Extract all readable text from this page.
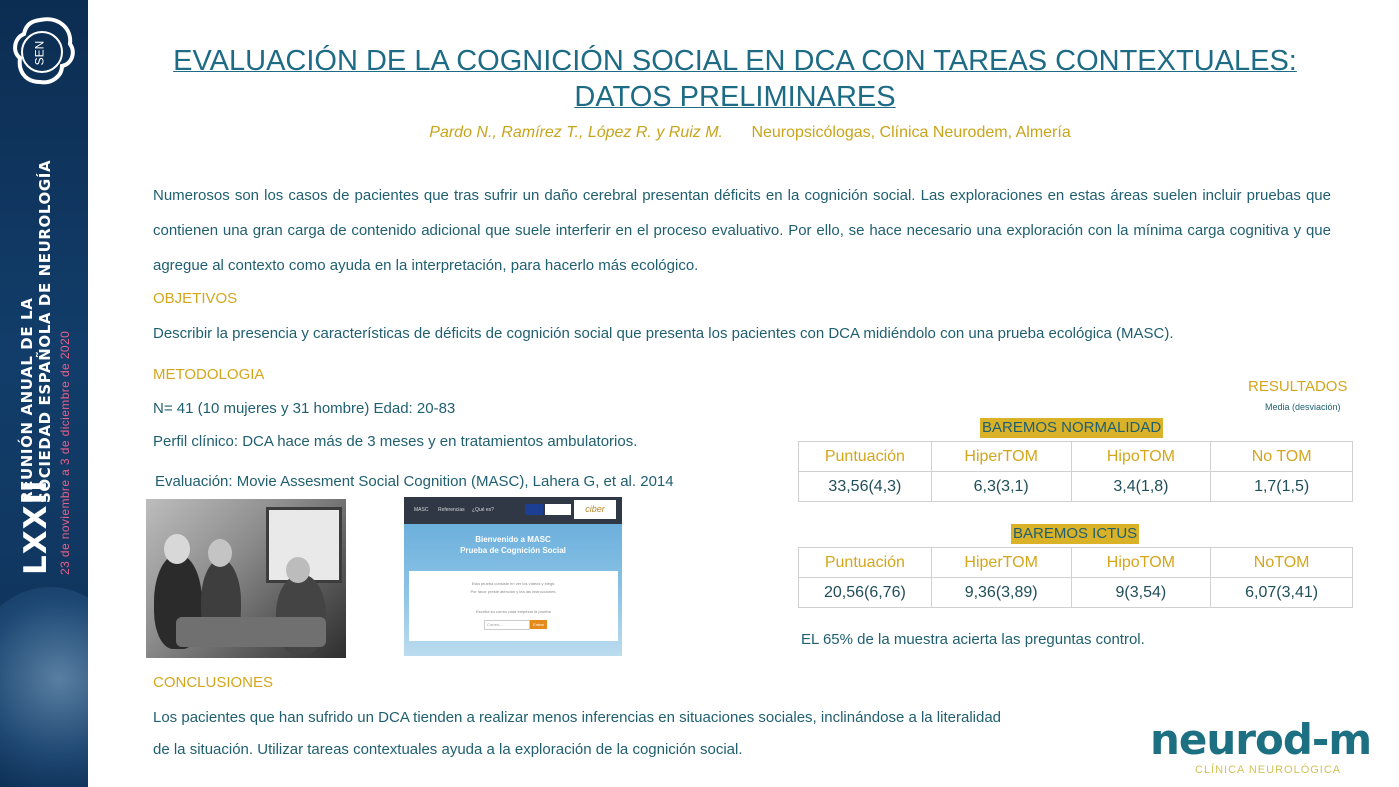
SEN
LXXII
REUNIÓN ANUAL DE LA SOCIEDAD ESPAÑOLA DE NEUROLOGÍA 23 de noviembre a 3 de diciembre de 2020
EVALUACIÓN DE LA COGNICIÓN SOCIAL EN DCA CON TAREAS CONTEXTUALES:
DATOS PRELIMINARES
Pardo N., Ramírez T., López R. y Ruiz M. Neuropsicólogas, Clínica Neurodem, Almería
Numerosos son los casos de pacientes que tras sufrir un daño cerebral presentan déficits en la cognición social. Las exploraciones en estas áreas suelen incluir pruebas que contienen una gran carga de contenido adicional que suele interferir en el proceso evaluativo. Por ello, se hace necesario una exploración con la mínima carga cognitiva y que agregue al contexto como ayuda en la interpretación, para hacerlo más ecológico.
OBJETIVOS
Describir la presencia y características de déficits de cognición social que presenta los pacientes con DCA midiéndolo con una prueba ecológica (MASC).
METODOLOGIA
N= 41 (10 mujeres y 31 hombre) Edad: 20-83
Perfil clínico: DCA hace más de 3 meses y en tratamientos ambulatorios.
Evaluación: Movie Assesment Social Cognition (MASC), Lahera G, et al. 2014
MASC Referencias ¿Qué es?	ciber
Bienvenido a MASC
Prueba de Cognición Social
Esta prueba consiste en ver los vídeos y elegir.
Por favor preste atención y lea las instrucciones.
Escriba su correo para empezar la prueba
Correo...	Entrar
RESULTADOS
Media (desviación)
BAREMOS NORMALIDAD
Puntuación	HiperTOM	HipoTOM	No TOM
33,56(4,3)	6,3(3,1)	3,4(1,8)	1,7(1,5)
BAREMOS ICTUS
Puntuación	HiperTOM	HipoTOM	NoTOM
20,56(6,76)	9,36(3,89)	9(3,54)	6,07(3,41)
EL 65% de la muestra acierta las preguntas control.
CONCLUSIONES
Los pacientes que han sufrido un DCA tienden a realizar menos inferencias en situaciones sociales, inclinándose a la literalidad
de la situación. Utilizar tareas contextuales ayuda a la exploración de la cognición social.	neurod-m
CLÍNICA NEUROLÓGICA
